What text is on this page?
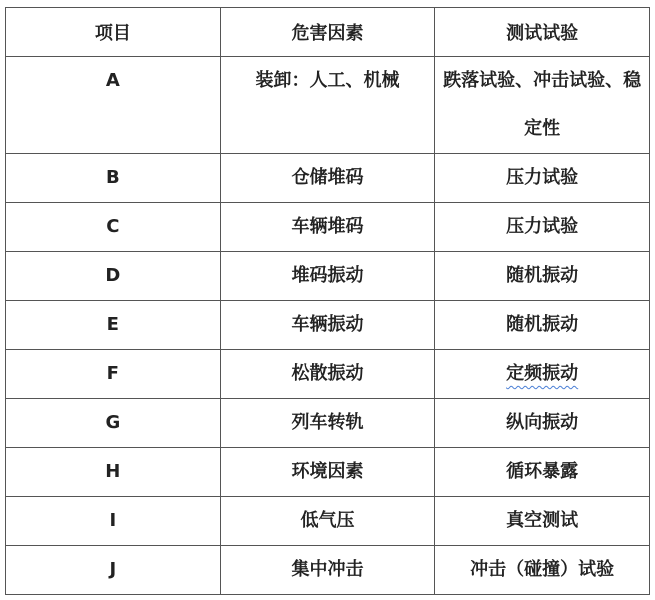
项目	危害因素	测试试验
A	装卸：人工、机械	跌落试验、冲击试验、稳定性
B	仓储堆码	压力试验
C	车辆堆码	压力试验
D	堆码振动	随机振动
E	车辆振动	随机振动
F	松散振动	定频振动
G	列车转轨	纵向振动
H	环境因素	循环暴露
I	低气压	真空测试
J	集中冲击	冲击（碰撞）试验
